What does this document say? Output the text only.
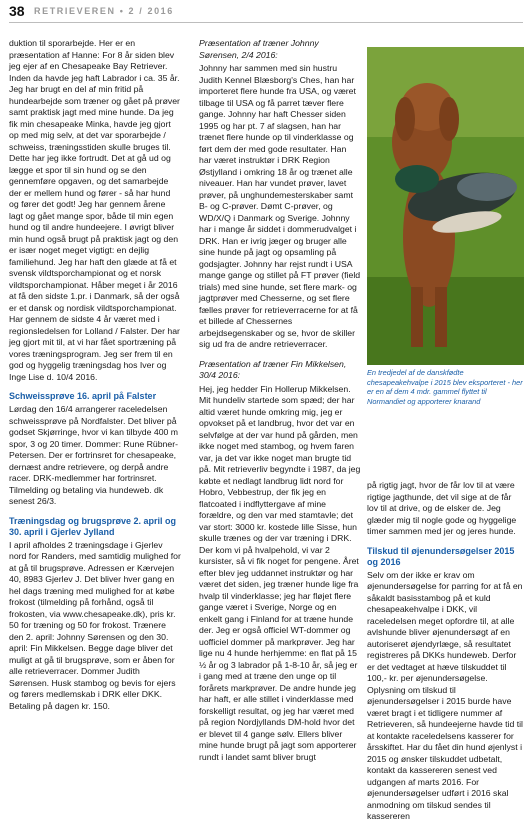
38 RETRIEVEREN • 2 / 2016

duktion til sporarbejde. Her er en præsentation af Hanne: For 8 år siden blev jeg ejer af en Chesapeake Bay Retriever. Inden da havde jeg haft Labrador i ca. 35 år. Jeg har brugt en del af min fritid på hundearbejde som træner og gået på prøver samt praktisk jagt med mine hunde. Da jeg fik min chesapeake Minka, havde jeg gjort op med mig selv, at det var sporarbejde / schweiss, træningsstiden skulle bruges til. Dette har jeg ikke fortrudt. Det at gå ud og lægge et spor til sin hund og se den gennemføre opgaven, og det samarbejde der er mellem hund og fører - så har hund og fører det godt! Jeg har gennem årene lagt og gået mange spor, både til min egen hund og til andre hundeejere. I øvrigt bliver min hund også brugt på praktisk jagt og den er især noget meget vigtigt: en dejlig familiehund. Jeg har haft den glæde at få et svensk vildtsporchampionat og et norsk vildtsporchampionat. Håber meget i år 2016 at få den sidste 1.pr. i Danmark, så der også er et dansk og nordisk vildtsporchampionat. Har gennem de sidste 4 år været med i regionsledelsen for Lolland / Falster. Der har jeg gjort mit til, at vi har fået sportræning på vores træningsprogram. Jeg ser frem til en god og hyggelig træningsdag hos Iver og Inge Lise d. 10/4 2016.

Schweissprøve 16. april på Falster

Lørdag den 16/4 arrangerer raceledelsen schweissprøve på Nordfalster. Det bliver på godset Skjørringe, hvor vi kan tilbyde 400 m spor, 3 og 20 timer. Dommer: Rune Rübner-Petersen. Der er fortrinsret for chesapeake, dernæst andre retrievere, og derpå andre racer. DRK-medlemmer har fortrinsret. Tilmelding og betaling via hundeweb. dk senest 26/3.

Træningsdag og brugsprøve 2. april og 30. april i Gjerlev Jylland

I april afholdes 2 træningsdage i Gjerlev nord for Randers, med samtidig mulighed for at gå til brugsprøve. Adressen er Kærvejen 40, 8983 Gjerlev J. Det bliver hver gang en hel dags træning med mulighed for at købe frokost (tilmelding på forhånd, også til frokosten, via www.chesapeake.dk), pris kr. 50 for træning og 50 for frokost. Trænere den 2. april: Johnny Sørensen og den 30. april: Fin Mikkelsen. Begge dage bliver det muligt at gå til brugsprøve, som er åben for alle retrieverracer. Dommer Judith Sørensen. Husk stambog og bevis for ejers og førers medlemskab i DRK eller DKK. Betaling på dagen kr. 150.

Præsentation af træner Johnny Sørensen, 2/4 2016:

Johnny har sammen med sin hustru Judith Kennel Blæsborg's Ches, han har importeret flere hunde fra USA, og været tilbage til USA og få parret tæver flere gange. Johnny har haft Chesser siden 1995 og har pt. 7 af slagsen, han har trænet flere hunde op til vinderklasse og ført dem der med gode resultater. Han har været instruktør i DRK Region Østjylland i omkring 18 år og trænet alle niveauer. Han har vundet prøver, lavet prøver, på unghundemesterskaber samt B- og C-prøver. Dømt C-prøver, og WD/X/Q i Danmark og Sverige. Johnny har i mange år siddet i dommerudvalget i DRK. Han er ivrig jæger og bruger alle sine hunde på jagt og opsamling på godsjagter. Johnny har rejst rundt i USA mange gange og stillet på FT prøver (field trials) med sine hunde, set flere mark- og jagtprøver med Chesserne, og set flere fælles prøver for retrieverracerne for at få et billede af Chessernes arbejdsegenskaber og se, hvor de skiller sig ud fra de andre retrieverracer.

Præsentation af træner Fin Mikkelsen, 30/4 2016:

Hej, jeg hedder Fin Hollerup Mikkelsen. Mit hundeliv startede som spæd; der har altid været hunde omkring mig, jeg er opvokset på et landbrug, hvor det var en selvfølge at der var hund på gården, men ikke noget med stambog, og hvem faren var, ja det var ikke noget man brugte tid på. Mit retrieverliv begyndte i 1987, da jeg købte et nedlagt landbrug lidt nord for Hobro, Vebbestrup, der fik jeg en flatcoated i indflyttergave af mine forældre, og den var med stamtavle; det var stort: 3000 kr. kostede lille Sisse, hun skulle trænes og der var træning i DRK. Der kom vi på hvalpehold, vi var 2 kursister, så vi fik noget for pengene. Året efter blev jeg uddannet instruktør og har været det siden, jeg træner hunde lige fra hvalp til vinderklasse; jeg har fløjet flere gange været i Sverige, Norge og en enkelt gang i Finland for at træne hunde der. Jeg er også officiel WT-dommer og uofficiel dommer på markprøver. Jeg har lige nu 4 hunde herhjemme: en flat på 15 ½ år og 3 labrador på 1-8-10 år, så jeg er i gang med at træne den unge op til forårets markprøver. De andre hunde jeg har haft, er alle stillet i vinderklasse med forskelligt resultat, og jeg har været med på region Nordjyllands DM-hold hvor det er blevet til 4 gange sølv. Ellers bliver mine hunde brugt på jagt som apporterer rundt i landet samt bliver brugt

En tredjedel af de danskfødte chesapeakehvalpe i 2015 blev eksporteret - her er en af dem 4 mdr. gammel flyttet til Normandiet og apporterer knarand

på rigtig jagt, hvor de får lov til at være rigtige jagthunde, det vil sige at de får lov til at drive, og de elsker de. Jeg glæder mig til nogle gode og hyggelige timer sammen med jer og jeres hunde.

Tilskud til øjenundersøgelser 2015 og 2016

Selv om der ikke er krav om øjenundersøgelse for parring for at få en såkaldt basisstambog på et kuld chesapeakehvalpe i DKK, vil raceledelsen meget opfordre til, at alle avlshunde bliver øjenundersøgt af en autoriseret øjendyrlæge, så resultatet registreres på DKKs hundeweb. Derfor er det vedtaget at hæve tilskuddet til 100,- kr. per øjenundersøgelse. Oplysning om tilskud til øjenundersøgelser i 2015 burde have været bragt i et tidligere nummer af Retrieveren, så hundeejerne havde tid til at kontakte raceledelsens kasserer for årsskiftet. Har du fået din hund øjenlyst i 2015 og ønsker tilskuddet udbetalt, kontakt da kassereren senest ved udgangen af marts 2016. For øjenundersøgelser udført i 2016 skal anmodning om tilskud sendes til kassereren
